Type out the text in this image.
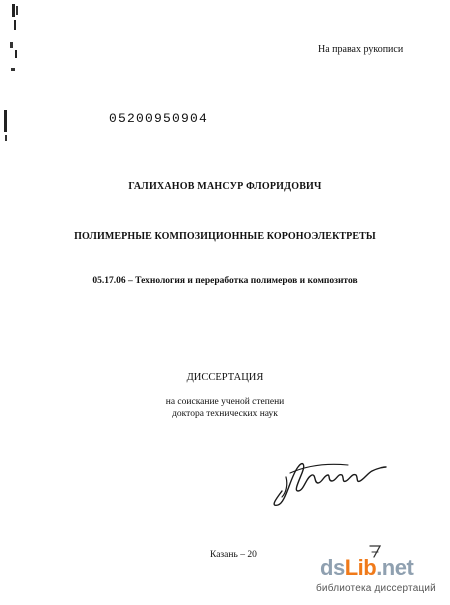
На правах рукописи
05200950904
ГАЛИХАНОВ МАНСУР ФЛОРИДОВИЧ
ПОЛИМЕРНЫЕ КОМПОЗИЦИОННЫЕ КОРОНОЭЛЕКТРЕТЫ
05.17.06 – Технология и переработка полимеров и композитов
ДИССЕРТАЦИЯ
на соискание ученой степени
доктора технических наук
Казань – 20	dsLib.net
библиотека диссертаций
